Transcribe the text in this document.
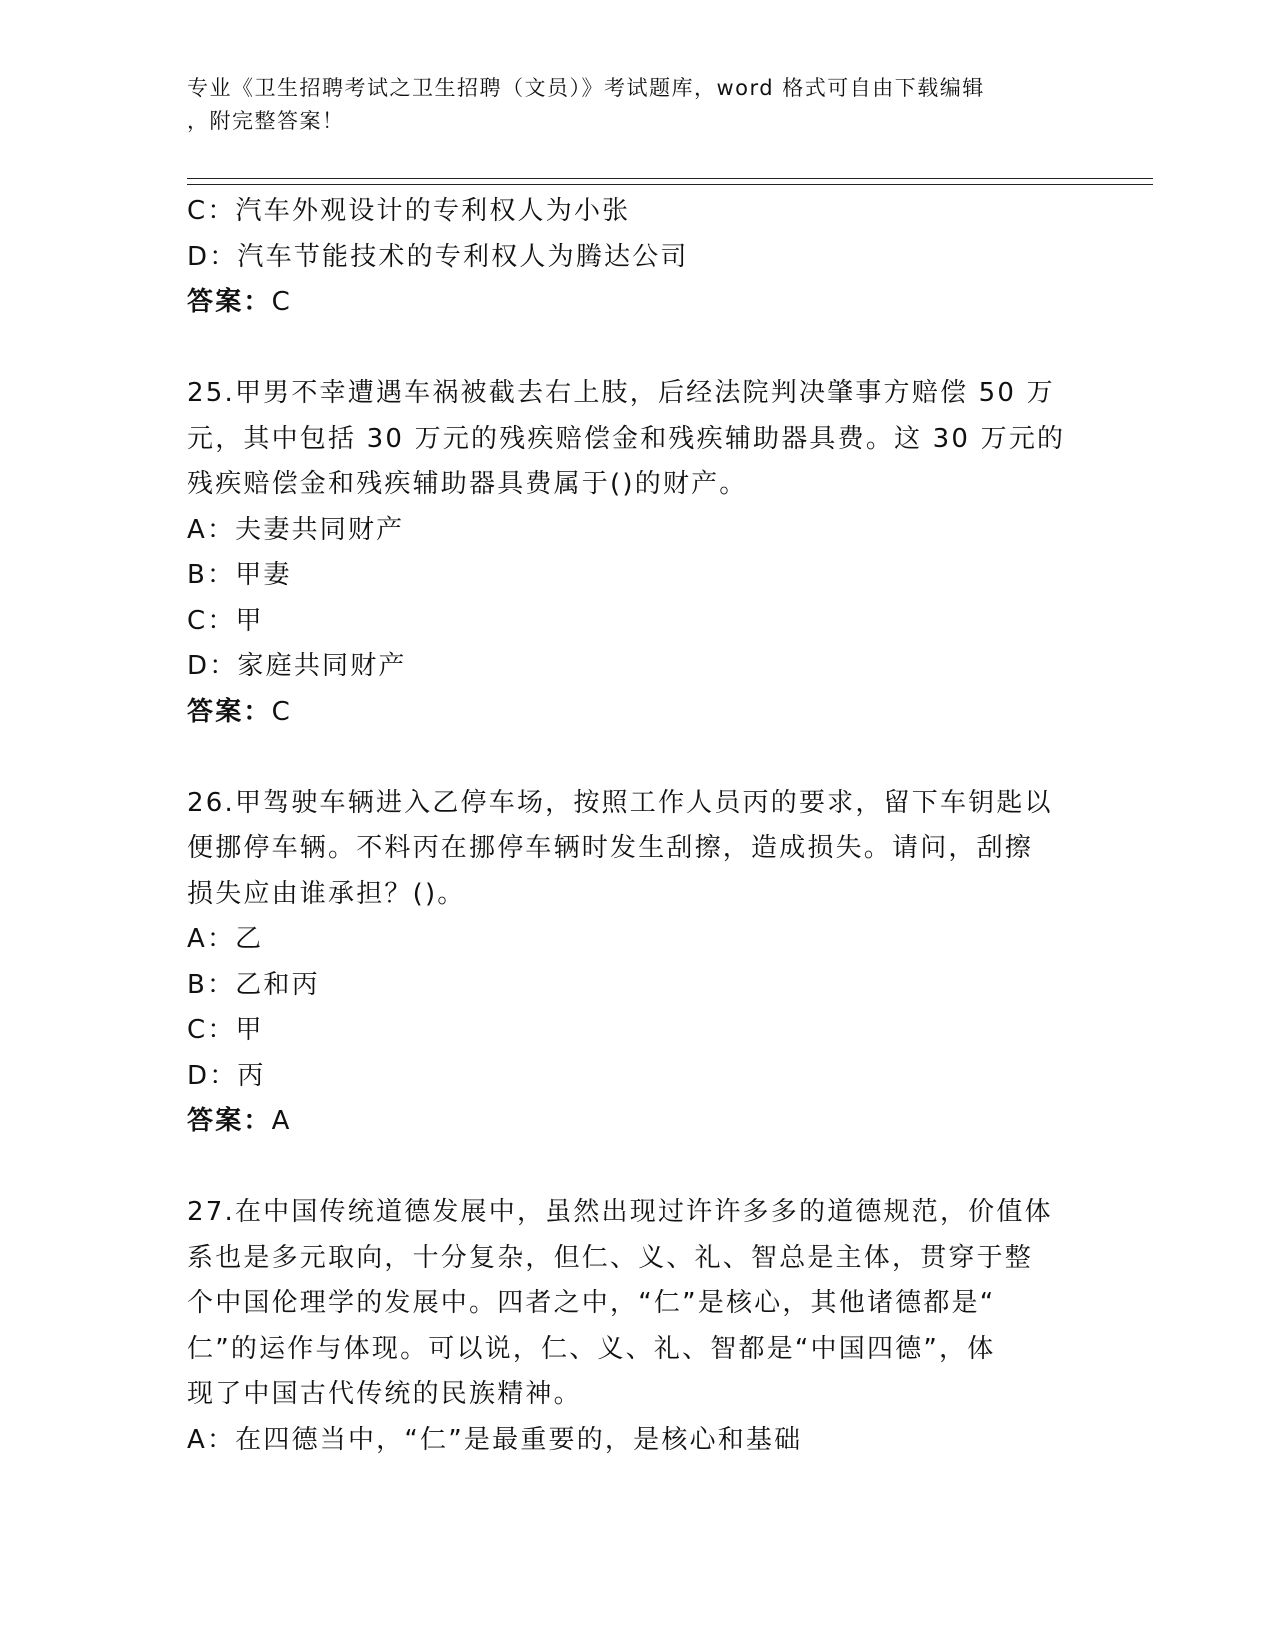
专业《卫生招聘考试之卫生招聘（文员）》考试题库，word 格式可自由下载编辑
，附完整答案！

C：汽车外观设计的专利权人为小张

D：汽车节能技术的专利权人为腾达公司

答案：C

25.甲男不幸遭遇车祸被截去右上肢，后经法院判决肇事方赔偿 50 万

元，其中包括 30 万元的残疾赔偿金和残疾辅助器具费。这 30 万元的

残疾赔偿金和残疾辅助器具费属于()的财产。

A：夫妻共同财产

B：甲妻

C：甲

D：家庭共同财产

答案：C

26.甲驾驶车辆进入乙停车场，按照工作人员丙的要求，留下车钥匙以

便挪停车辆。不料丙在挪停车辆时发生刮擦，造成损失。请问，刮擦

损失应由谁承担？()。

A：乙

B：乙和丙

C：甲

D：丙

答案：A

27.在中国传统道德发展中，虽然出现过许许多多的道德规范，价值体

系也是多元取向，十分复杂，但仁、义、礼、智总是主体，贯穿于整

个中国伦理学的发展中。四者之中，“仁”是核心，其他诸德都是“

仁”的运作与体现。可以说，仁、义、礼、智都是“中国四德”，体

现了中国古代传统的民族精神。

A：在四德当中，“仁”是最重要的，是核心和基础
